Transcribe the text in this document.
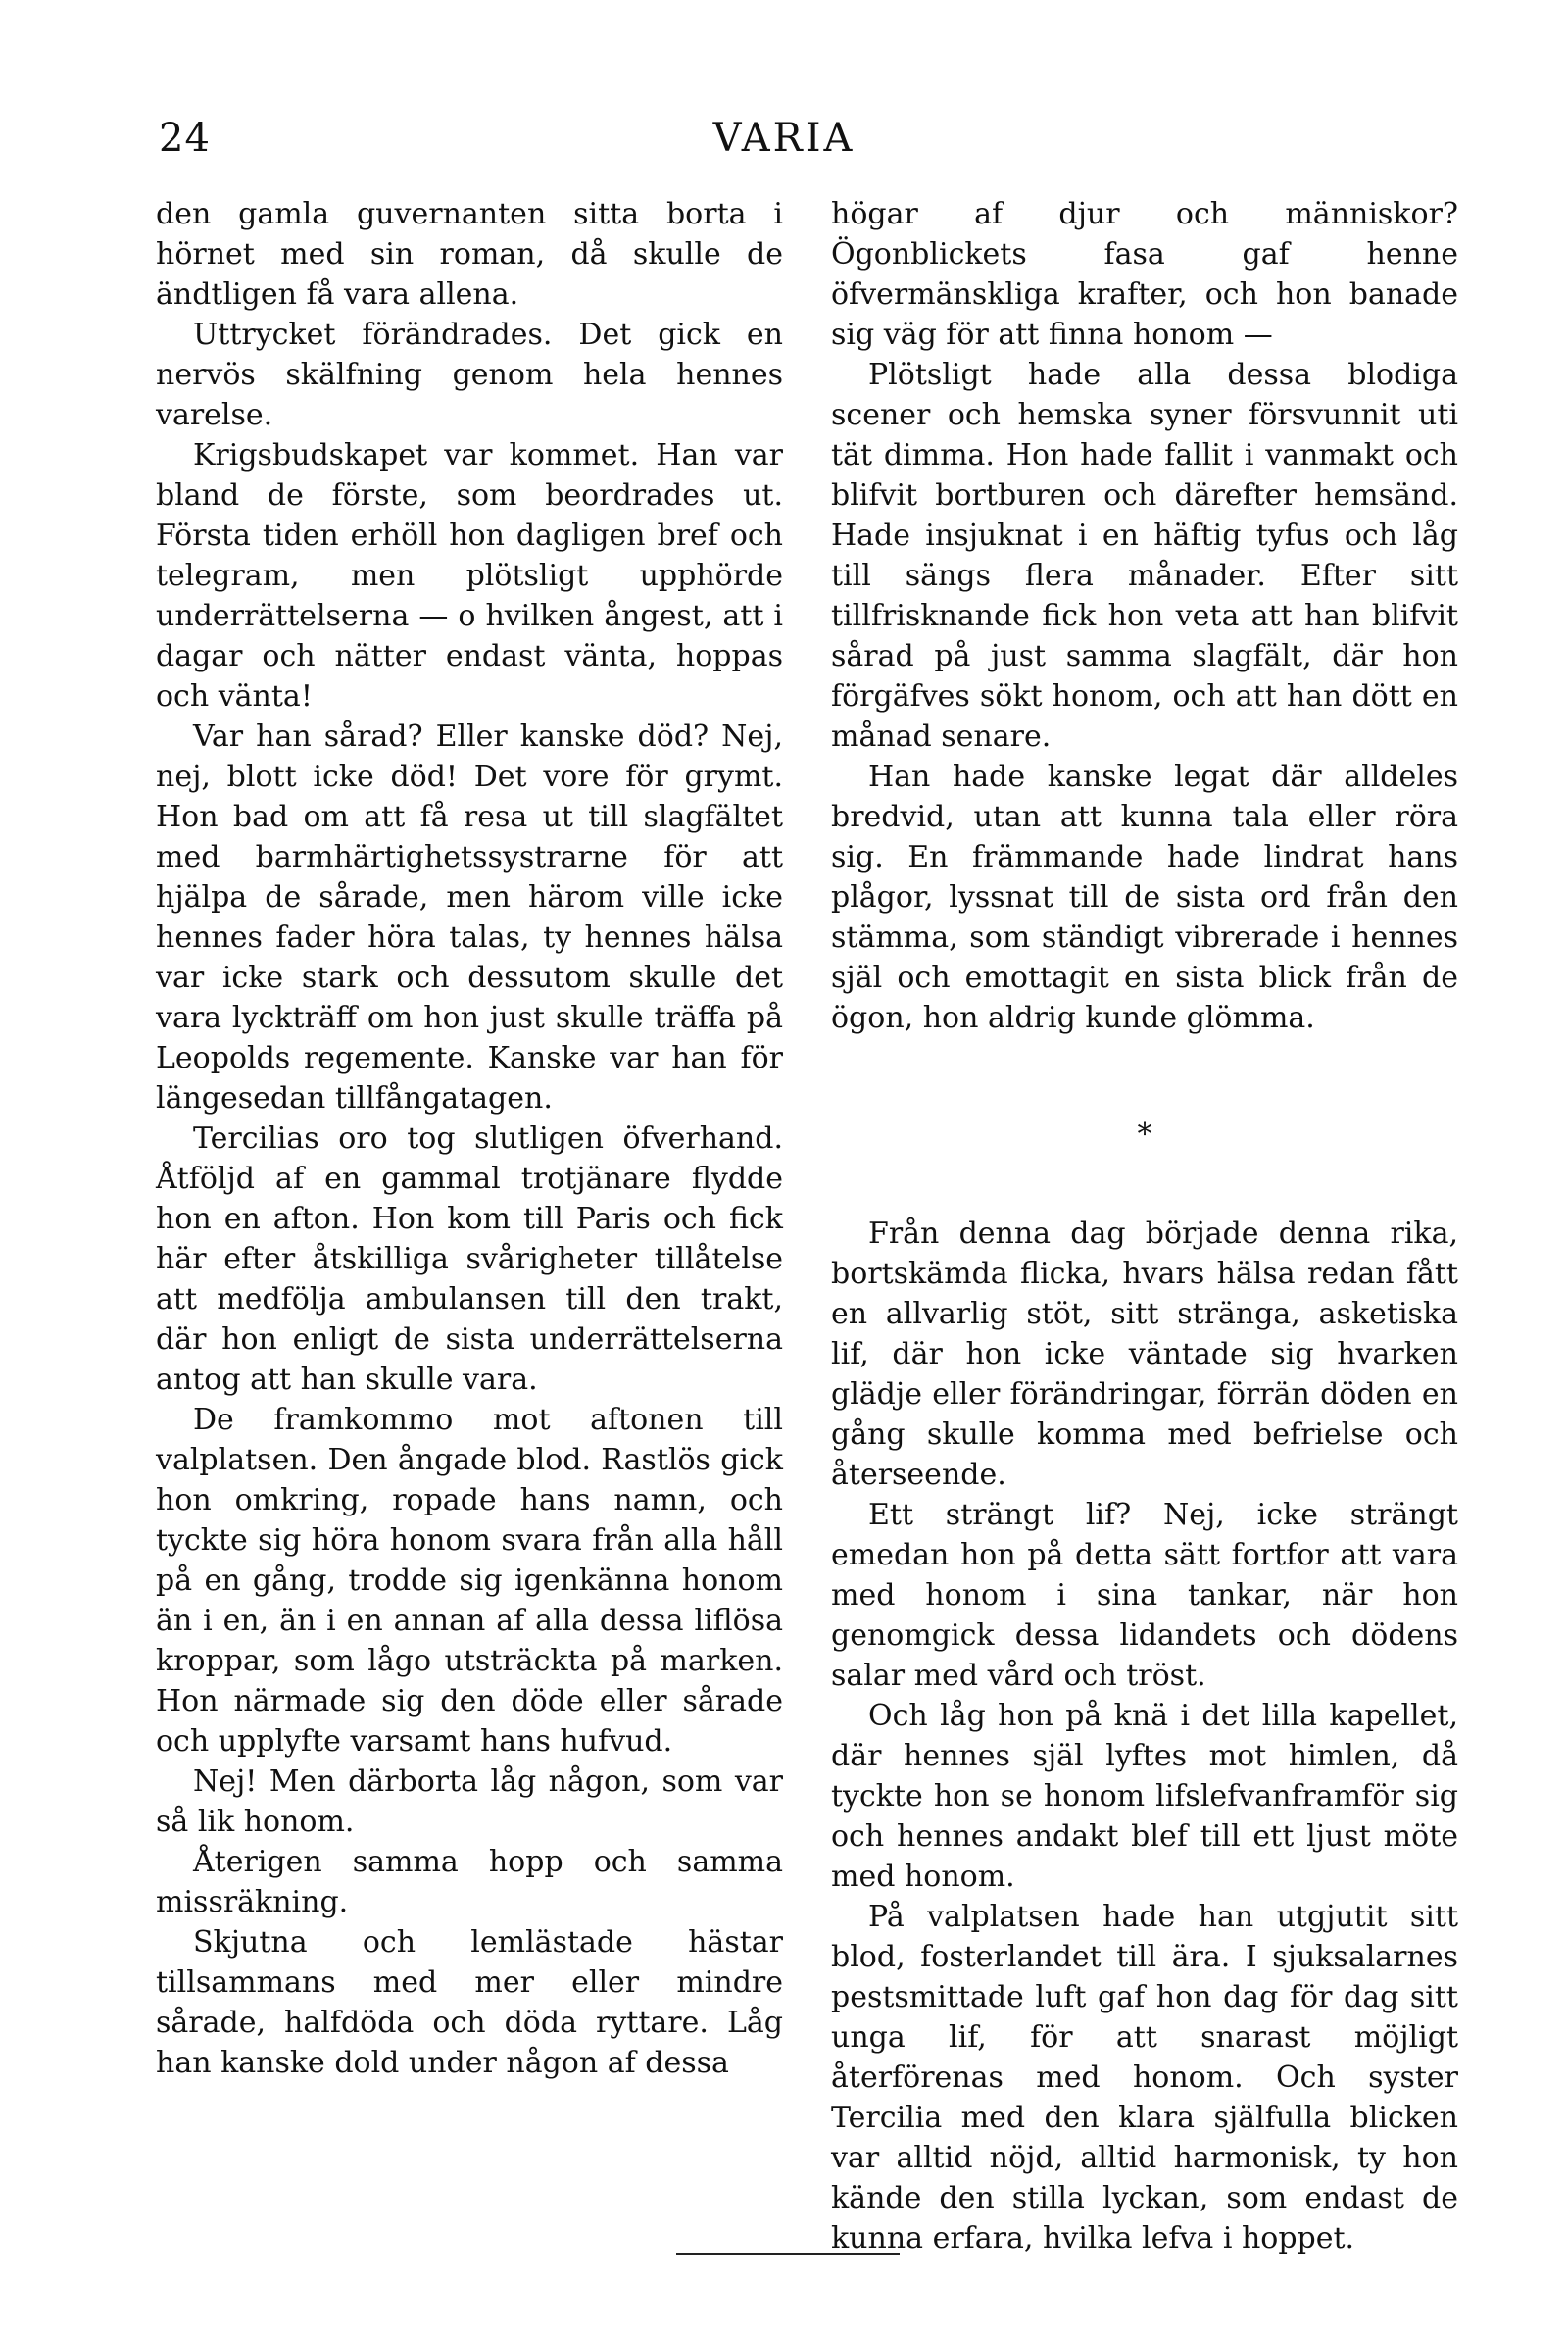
24	VARIA

den gamla guvernanten sitta borta i hörnet med sin roman, då skulle de ändtligen få vara allena.

Uttrycket förändrades. Det gick en nervös skälfning genom hela hennes varelse.

Krigsbudskapet var kommet. Han var bland de förste, som beordrades ut. Första tiden erhöll hon dagligen bref och telegram, men plötsligt upphörde underrättelserna — o hvilken ångest, att i dagar och nätter endast vänta, hoppas och vänta!

Var han sårad? Eller kanske död? Nej, nej, blott icke död! Det vore för grymt. Hon bad om att få resa ut till slagfältet med barmhärtighetssystrarne för att hjälpa de sårade, men härom ville icke hennes fader höra talas, ty hennes hälsa var icke stark och dessutom skulle det vara lyckträff om hon just skulle träffa på Leopolds regemente. Kanske var han för längesedan tillfångatagen.

Tercilias oro tog slutligen öfverhand. Åtföljd af en gammal trotjänare flydde hon en afton. Hon kom till Paris och fick här efter åtskilliga svårigheter tillåtelse att medfölja ambulansen till den trakt, där hon enligt de sista underrättelserna antog att han skulle vara.

De framkommo mot aftonen till valplatsen. Den ångade blod. Rastlös gick hon omkring, ropade hans namn, och tyckte sig höra honom svara från alla håll på en gång, trodde sig igenkänna honom än i en, än i en annan af alla dessa liflösa kroppar, som lågo utsträckta på marken. Hon närmade sig den döde eller sårade och upplyfte varsamt hans hufvud.

Nej! Men därborta låg någon, som var så lik honom.

Återigen samma hopp och samma missräkning.

Skjutna och lemlästade hästar tillsammans med mer eller mindre sårade, halfdöda och döda ryttare. Låg han kanske dold under någon af dessa

högar af djur och människor? Ögonblickets fasa gaf henne öfvermänskliga krafter, och hon banade sig väg för att finna honom —

Plötsligt hade alla dessa blodiga scener och hemska syner försvunnit uti tät dimma. Hon hade fallit i vanmakt och blifvit bortburen och därefter hemsänd. Hade insjuknat i en häftig tyfus och låg till sängs flera månader. Efter sitt tillfrisknande fick hon veta att han blifvit sårad på just samma slagfält, där hon förgäfves sökt honom, och att han dött en månad senare.

Han hade kanske legat där alldeles bredvid, utan att kunna tala eller röra sig. En främmande hade lindrat hans plågor, lyssnat till de sista ord från den stämma, som ständigt vibrerade i hennes själ och emottagit en sista blick från de ögon, hon aldrig kunde glömma.

*

Från denna dag började denna rika, bortskämda flicka, hvars hälsa redan fått en allvarlig stöt, sitt stränga, asketiska lif, där hon icke väntade sig hvarken glädje eller förändringar, förrän döden en gång skulle komma med befrielse och återseende.

Ett strängt lif? Nej, icke strängt emedan hon på detta sätt fortfor att vara med honom i sina tankar, när hon genomgick dessa lidandets och dödens salar med vård och tröst.

Och låg hon på knä i det lilla kapellet, där hennes själ lyftes mot himlen, då tyckte hon se honom lifslefvanframför sig och hennes andakt blef till ett ljust möte med honom.

På valplatsen hade han utgjutit sitt blod, fosterlandet till ära. I sjuksalarnes pestsmittade luft gaf hon dag för dag sitt unga lif, för att snarast möjligt återförenas med honom. Och syster Tercilia med den klara själfulla blicken var alltid nöjd, alltid harmonisk, ty hon kände den stilla lyckan, som endast de kunna erfara, hvilka lefva i hoppet.
